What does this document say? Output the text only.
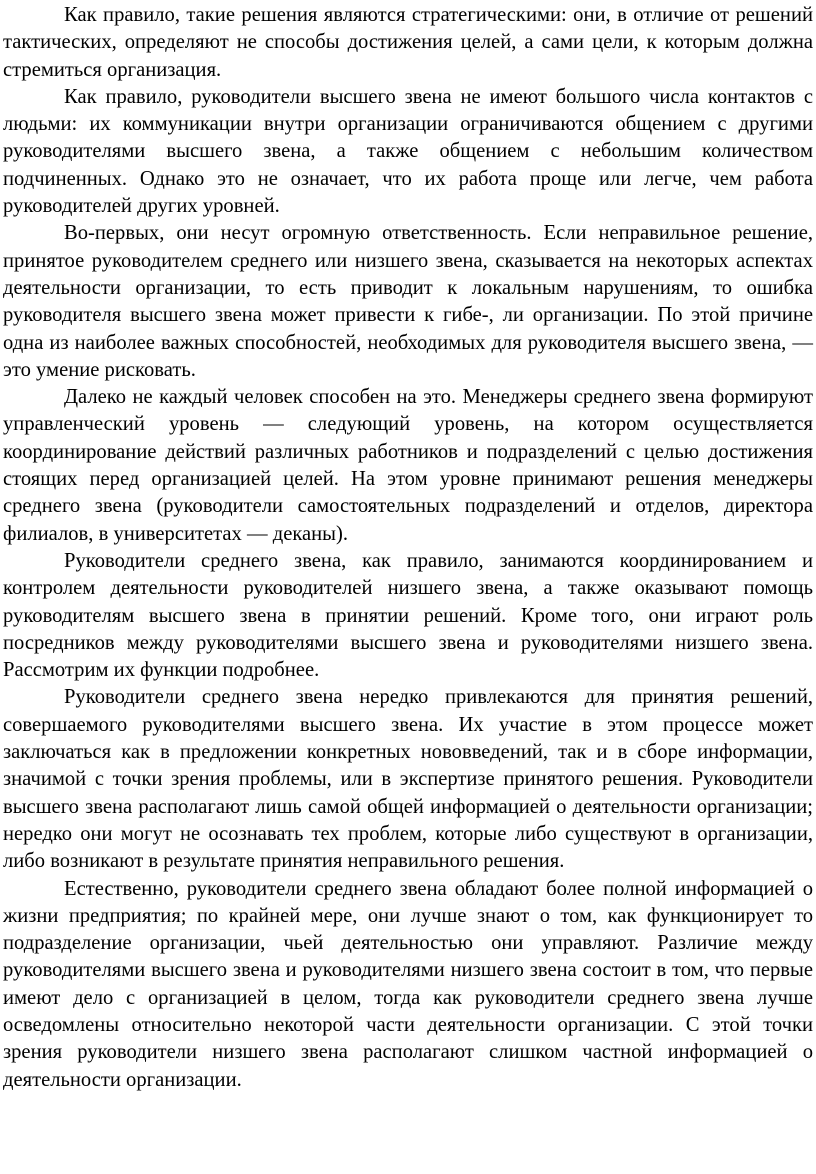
Как правило, такие решения являются стратегическими: они, в отличие от решений тактических, определяют не способы достижения целей, а сами цели, к которым должна стремиться организация.

Как правило, руководители высшего звена не имеют большого числа контактов с людьми: их коммуникации внутри организации ограничиваются общением с другими руководителями высшего звена, а также общением с небольшим количеством подчиненных. Однако это не означает, что их работа проще или легче, чем работа руководителей других уровней.

Во-первых, они несут огромную ответственность. Если неправильное решение, принятое руководителем среднего или низшего звена, сказывается на некоторых аспектах деятельности организации, то есть приводит к локальным нарушениям, то ошибка руководителя высшего звена может привести к гибе-, ли организации. По этой причине одна из наиболее важных способностей, необходимых для руководителя высшего звена, — это умение рисковать.

Далеко не каждый человек способен на это. Менеджеры среднего звена формируют управленческий уровень — следующий уровень, на котором осуществляется координирование действий различных работников и подразделений с целью достижения стоящих перед организацией целей. На этом уровне принимают решения менеджеры среднего звена (руководители самостоятельных подразделений и отделов, директора филиалов, в университетах — деканы).

Руководители среднего звена, как правило, занимаются координированием и контролем деятельности руководителей низшего звена, а также оказывают помощь руководителям высшего звена в принятии решений. Кроме того, они играют роль посредников между руководителями высшего звена и руководителями низшего звена. Рассмотрим их функции подробнее.

Руководители среднего звена нередко привлекаются для принятия решений, совершаемого руководителями высшего звена. Их участие в этом процессе может заключаться как в предложении конкретных нововведений, так и в сборе информации, значимой с точки зрения проблемы, или в экспертизе принятого решения. Руководители высшего звена располагают лишь самой общей информацией о деятельности организации; нередко они могут не осознавать тех проблем, которые либо существуют в организации, либо возникают в результате принятия неправильного решения.

Естественно, руководители среднего звена обладают более полной информацией о жизни предприятия; по крайней мере, они лучше знают о том, как функционирует то подразделение организации, чьей деятельностью они управляют. Различие между руководителями высшего звена и руководителями низшего звена состоит в том, что первые имеют дело с организацией в целом, тогда как руководители среднего звена лучше осведомлены относительно некоторой части деятельности организации. С этой точки зрения руководители низшего звена располагают слишком частной информацией о деятельности организации.
